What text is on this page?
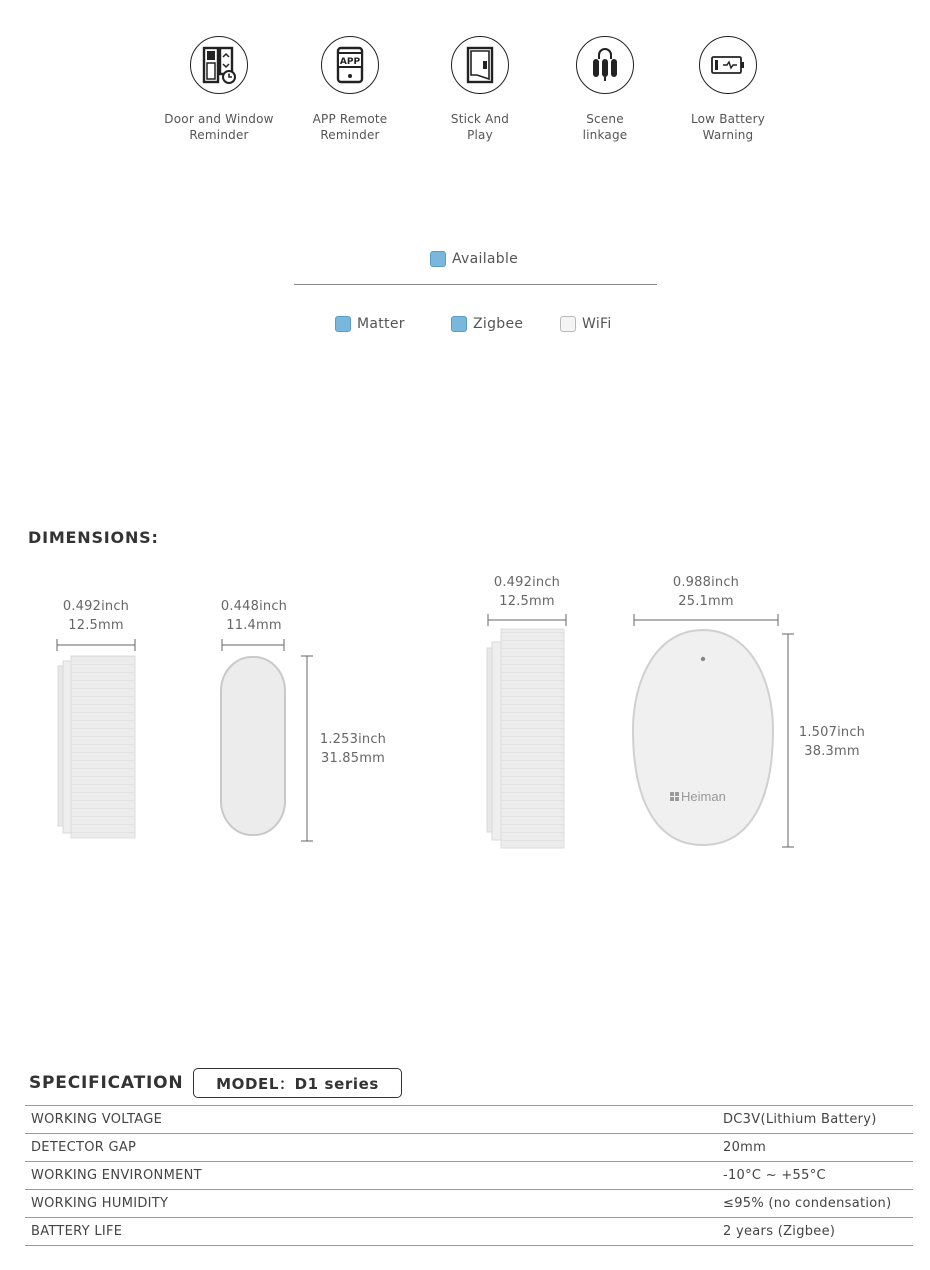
Door and Window
Reminder
APP
APP Remote
Reminder
Stick And
Play
Scene
linkage
Low Battery
Warning
Available
Matter	Zigbee	WiFi
DIMENSIONS:
0.492inch
12.5mm
0.448inch
11.4mm
1.253inch
31.85mm
0.492inch
12.5mm
0.988inch
25.1mm
1.507inch
38.3mm
Heiman
SPECIFICATION	MODEL：D1 series
WORKING VOLTAGE	DC3V(Lithium Battery)
DETECTOR GAP	20mm
WORKING ENVIRONMENT	-10°C ~ +55°C
WORKING HUMIDITY	≤95% (no condensation)
BATTERY LIFE	2 years (Zigbee)
